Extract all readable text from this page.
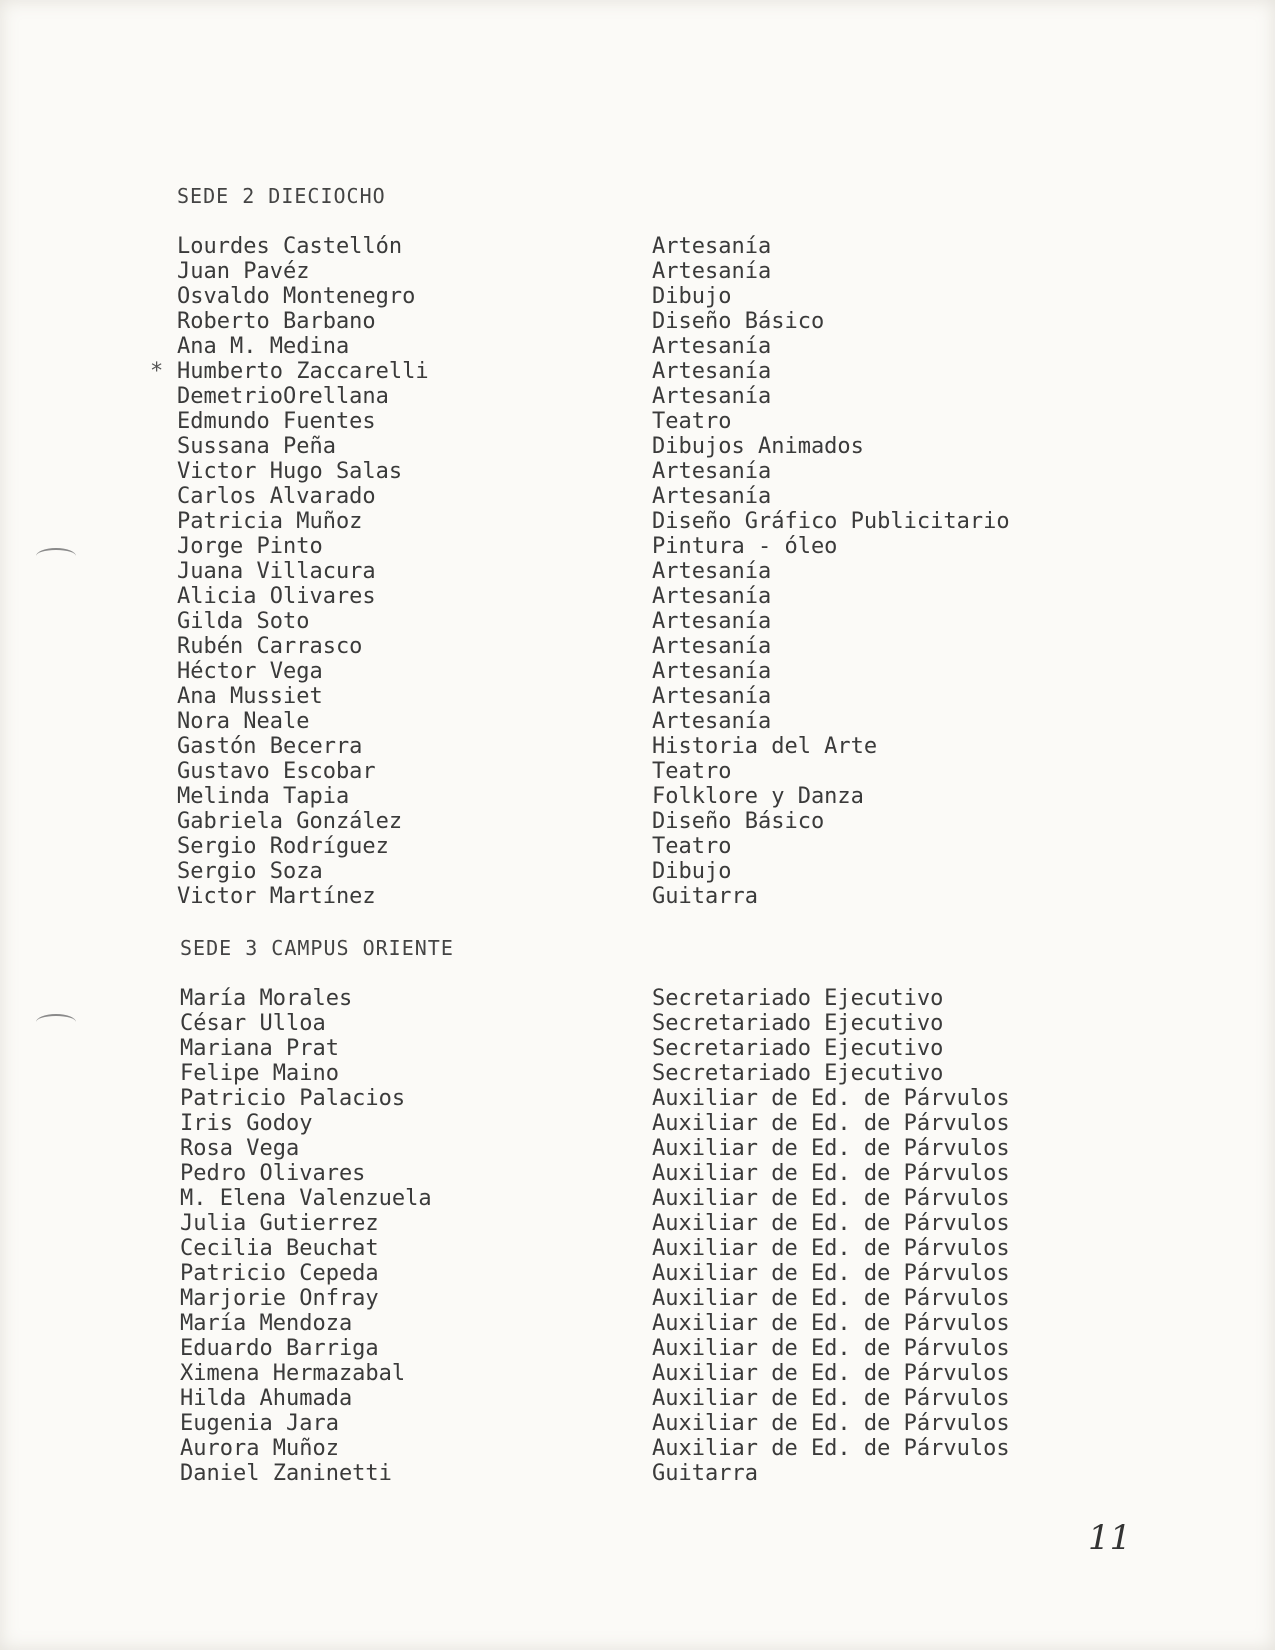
SEDE 2 DIECIOCHO
Lourdes Castellón	Artesanía
Juan Pavéz	Artesanía
Osvaldo Montenegro	Dibujo
Roberto Barbano	Diseño Básico
Ana M. Medina	Artesanía
* Humberto Zaccarelli	Artesanía
DemetrioOrellana	Artesanía
Edmundo Fuentes	Teatro
Sussana Peña	Dibujos Animados
Victor Hugo Salas	Artesanía
Carlos Alvarado	Artesanía
Patricia Muñoz	Diseño Gráfico Publicitario
Jorge Pinto	Pintura - óleo
Juana Villacura	Artesanía
Alicia Olivares	Artesanía
Gilda Soto	Artesanía
Rubén Carrasco	Artesanía
Héctor Vega	Artesanía
Ana Mussiet	Artesanía
Nora Neale	Artesanía
Gastón Becerra	Historia del Arte
Gustavo Escobar	Teatro
Melinda Tapia	Folklore y Danza
Gabriela González	Diseño Básico
Sergio Rodríguez	Teatro
Sergio Soza	Dibujo
Victor Martínez	Guitarra
SEDE 3 CAMPUS ORIENTE
María Morales	Secretariado Ejecutivo
César Ulloa	Secretariado Ejecutivo
Mariana Prat	Secretariado Ejecutivo
Felipe Maino	Secretariado Ejecutivo
Patricio Palacios	Auxiliar de Ed. de Párvulos
Iris Godoy	Auxiliar de Ed. de Párvulos
Rosa Vega	Auxiliar de Ed. de Párvulos
Pedro Olivares	Auxiliar de Ed. de Párvulos
M. Elena Valenzuela	Auxiliar de Ed. de Párvulos
Julia Gutierrez	Auxiliar de Ed. de Párvulos
Cecilia Beuchat	Auxiliar de Ed. de Párvulos
Patricio Cepeda	Auxiliar de Ed. de Párvulos
Marjorie Onfray	Auxiliar de Ed. de Párvulos
María Mendoza	Auxiliar de Ed. de Párvulos
Eduardo Barriga	Auxiliar de Ed. de Párvulos
Ximena Hermazabal	Auxiliar de Ed. de Párvulos
Hilda Ahumada	Auxiliar de Ed. de Párvulos
Eugenia Jara	Auxiliar de Ed. de Párvulos
Aurora Muñoz	Auxiliar de Ed. de Párvulos
Daniel Zaninetti	Guitarra
11
